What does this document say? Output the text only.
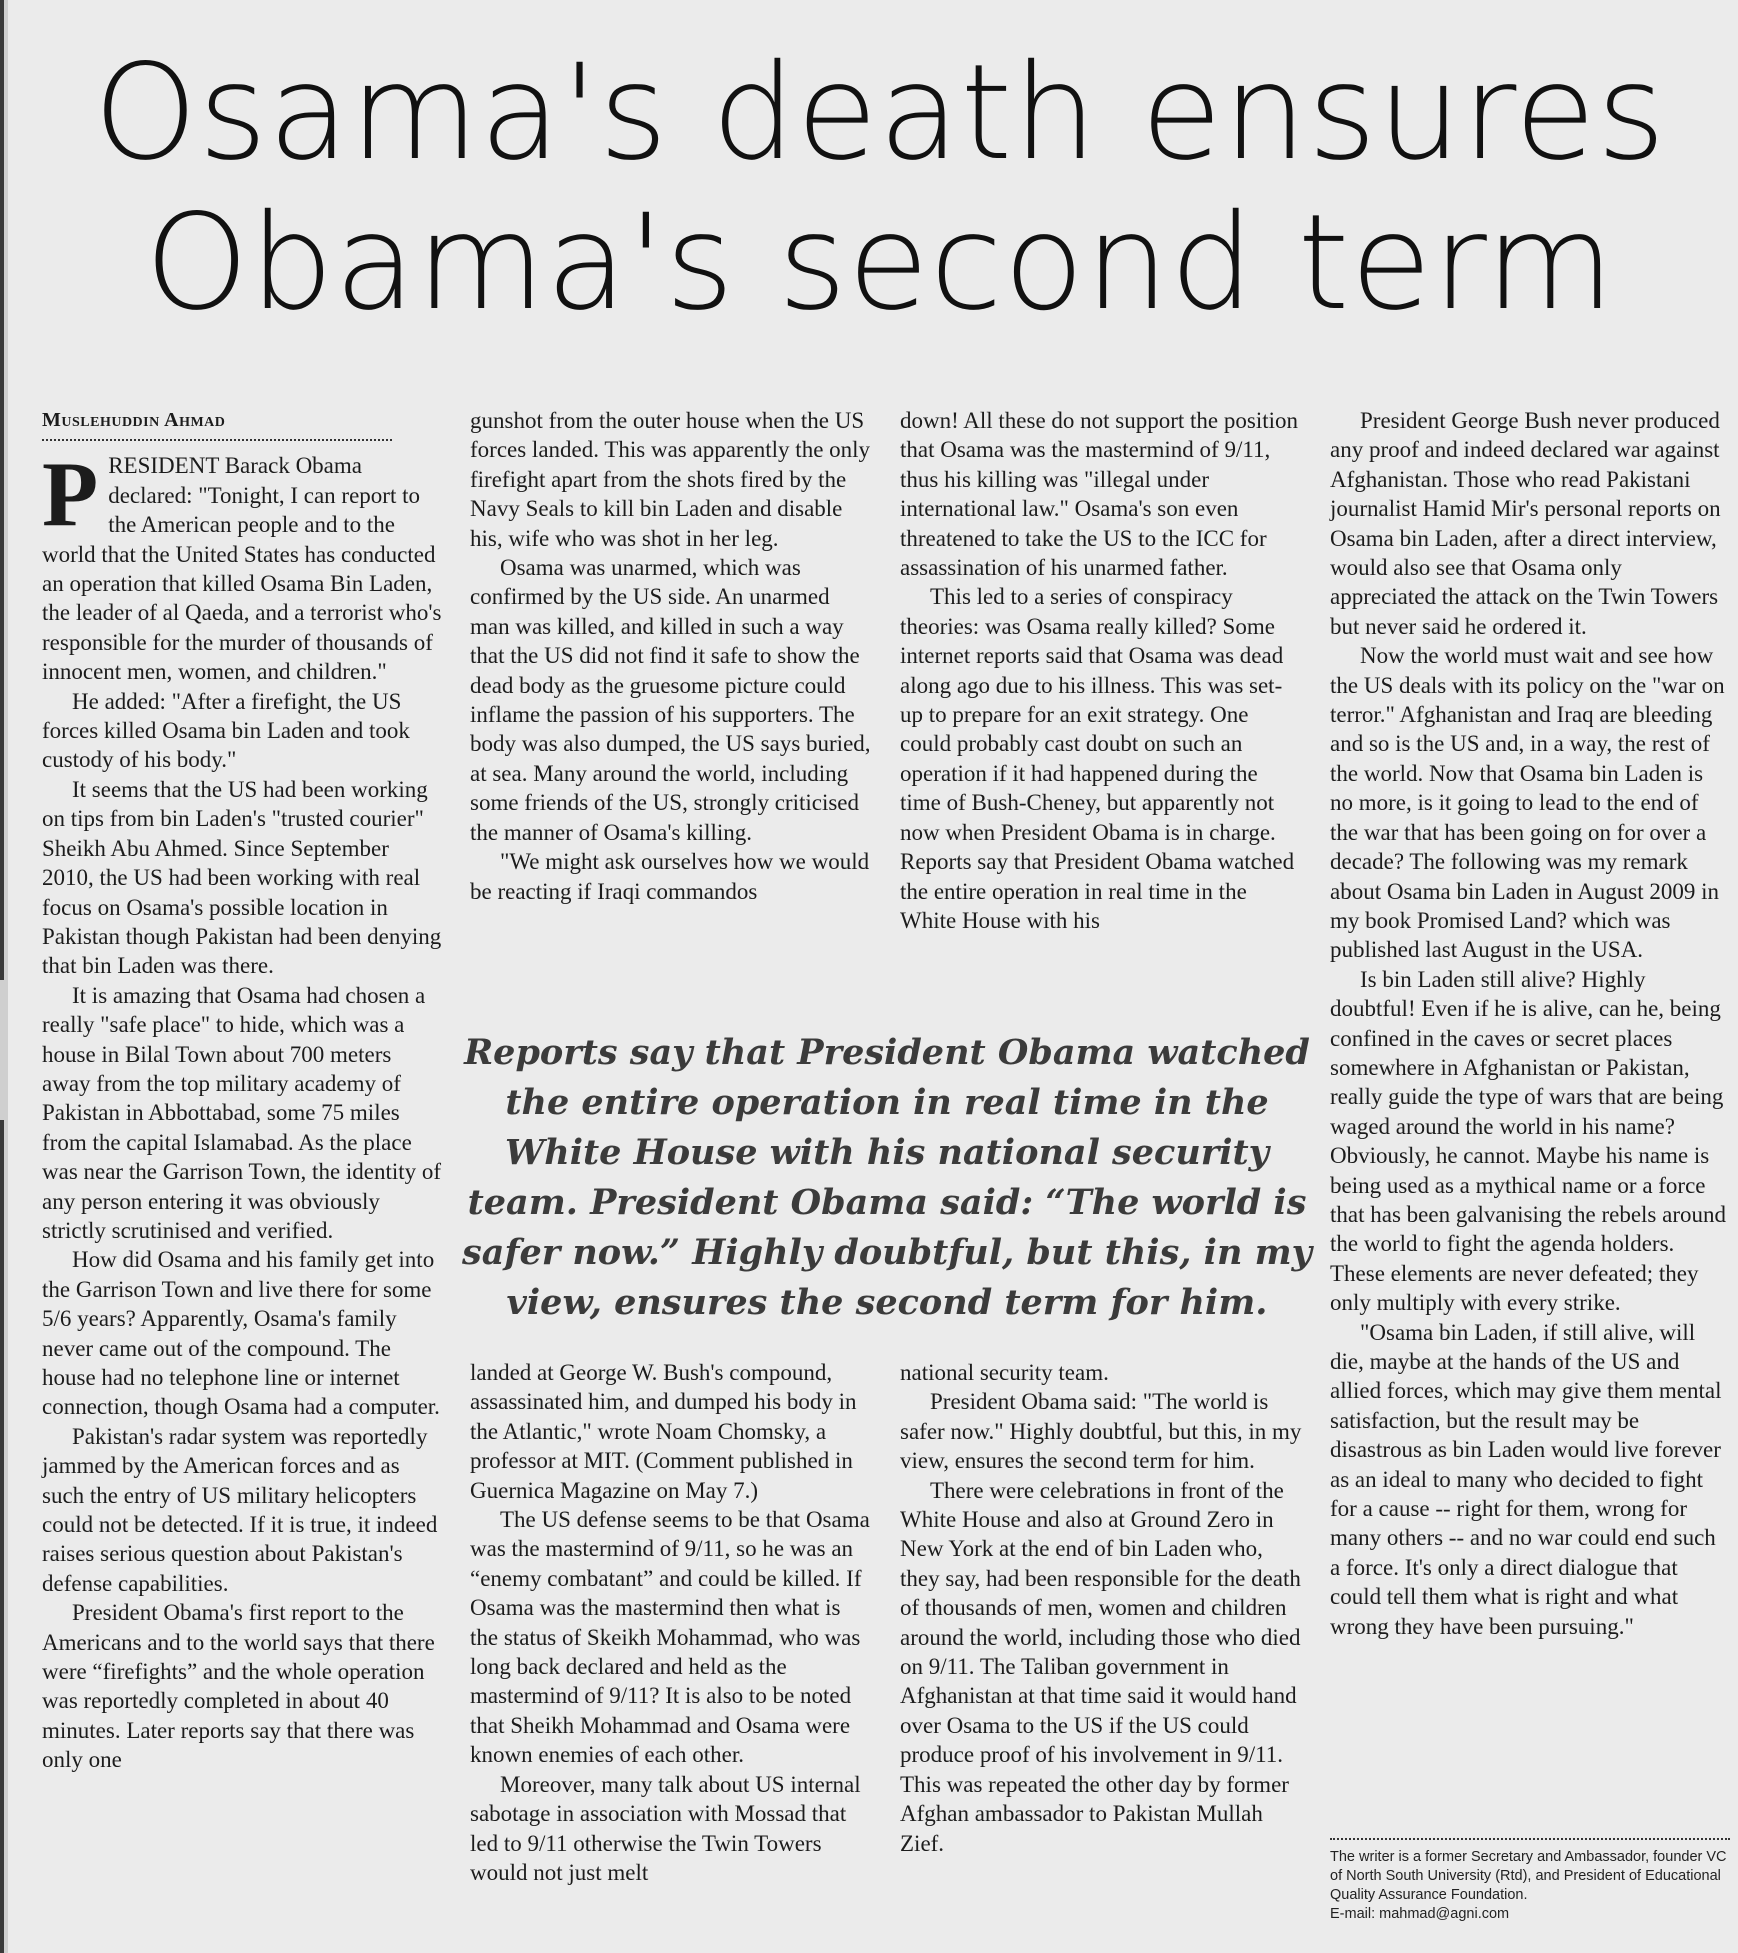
Osama's death ensures
Obama's second term
Muslehuddin Ahmad

PRESIDENT Barack Obama declared: "Tonight, I can report to the American people and to the world that the United States has conducted an operation that killed Osama Bin Laden, the leader of al Qaeda, and a terrorist who's responsible for the murder of thousands of innocent men, women, and children."

He added: "After a firefight, the US forces killed Osama bin Laden and took custody of his body."

It seems that the US had been working on tips from bin Laden's "trusted courier" Sheikh Abu Ahmed. Since September 2010, the US had been working with real focus on Osama's possible location in Pakistan though Pakistan had been denying that bin Laden was there.

It is amazing that Osama had chosen a really "safe place" to hide, which was a house in Bilal Town about 700 meters away from the top military academy of Pakistan in Abbottabad, some 75 miles from the capital Islamabad. As the place was near the Garrison Town, the identity of any person entering it was obviously strictly scrutinised and verified.

How did Osama and his family get into the Garrison Town and live there for some 5/6 years? Apparently, Osama's family never came out of the compound. The house had no telephone line or internet connection, though Osama had a computer.

Pakistan's radar system was reportedly jammed by the American forces and as such the entry of US military helicopters could not be detected. If it is true, it indeed raises serious question about Pakistan's defense capabilities.

President Obama's first report to the Americans and to the world says that there were “firefights” and the whole operation was reportedly completed in about 40 minutes. Later reports say that there was only one

gunshot from the outer house when the US forces landed. This was apparently the only firefight apart from the shots fired by the Navy Seals to kill bin Laden and disable his, wife who was shot in her leg.

Osama was unarmed, which was confirmed by the US side. An unarmed man was killed, and killed in such a way that the US did not find it safe to show the dead body as the gruesome picture could inflame the passion of his supporters. The body was also dumped, the US says buried, at sea. Many around the world, including some friends of the US, strongly criticised the manner of Osama's killing.

"We might ask ourselves how we would be reacting if Iraqi commandos

down! All these do not support the position that Osama was the mastermind of 9/11, thus his killing was "illegal under international law." Osama's son even threatened to take the US to the ICC for assassination of his unarmed father.

This led to a series of conspiracy theories: was Osama really killed? Some internet reports said that Osama was dead along ago due to his illness. This was set-up to prepare for an exit strategy. One could probably cast doubt on such an operation if it had happened during the time of Bush-Cheney, but apparently not now when President Obama is in charge. Reports say that President Obama watched the entire operation in real time in the White House with his

Reports say that President Obama watched the entire operation in real time in the White House with his national security team. President Obama said: “The world is safer now.” Highly doubtful, but this, in my view, ensures the second term for him.

landed at George W. Bush's compound, assassinated him, and dumped his body in the Atlantic," wrote Noam Chomsky, a professor at MIT. (Comment published in Guernica Magazine on May 7.)

The US defense seems to be that Osama was the mastermind of 9/11, so he was an “enemy combatant” and could be killed. If Osama was the mastermind then what is the status of Skeikh Mohammad, who was long back declared and held as the mastermind of 9/11? It is also to be noted that Sheikh Mohammad and Osama were known enemies of each other.

Moreover, many talk about US internal sabotage in association with Mossad that led to 9/11 otherwise the Twin Towers would not just melt

national security team.

President Obama said: "The world is safer now." Highly doubtful, but this, in my view, ensures the second term for him.

There were celebrations in front of the White House and also at Ground Zero in New York at the end of bin Laden who, they say, had been responsible for the death of thousands of men, women and children around the world, including those who died on 9/11. The Taliban government in Afghanistan at that time said it would hand over Osama to the US if the US could produce proof of his involvement in 9/11. This was repeated the other day by former Afghan ambassador to Pakistan Mullah Zief.

President George Bush never produced any proof and indeed declared war against Afghanistan. Those who read Pakistani journalist Hamid Mir's personal reports on Osama bin Laden, after a direct interview, would also see that Osama only appreciated the attack on the Twin Towers but never said he ordered it.

Now the world must wait and see how the US deals with its policy on the "war on terror." Afghanistan and Iraq are bleeding and so is the US and, in a way, the rest of the world. Now that Osama bin Laden is no more, is it going to lead to the end of the war that has been going on for over a decade? The following was my remark about Osama bin Laden in August 2009 in my book Promised Land? which was published last August in the USA.

Is bin Laden still alive? Highly doubtful! Even if he is alive, can he, being confined in the caves or secret places somewhere in Afghanistan or Pakistan, really guide the type of wars that are being waged around the world in his name? Obviously, he cannot. Maybe his name is being used as a mythical name or a force that has been galvanising the rebels around the world to fight the agenda holders. These elements are never defeated; they only multiply with every strike.

"Osama bin Laden, if still alive, will die, maybe at the hands of the US and allied forces, which may give them mental satisfaction, but the result may be disastrous as bin Laden would live forever as an ideal to many who decided to fight for a cause -- right for them, wrong for many others -- and no war could end such a force. It's only a direct dialogue that could tell them what is right and what wrong they have been pursuing."

The writer is a former Secretary and Ambassador, founder VC of North South University (Rtd), and President of Educational Quality Assurance Foundation.
E-mail: mahmad@agni.com
